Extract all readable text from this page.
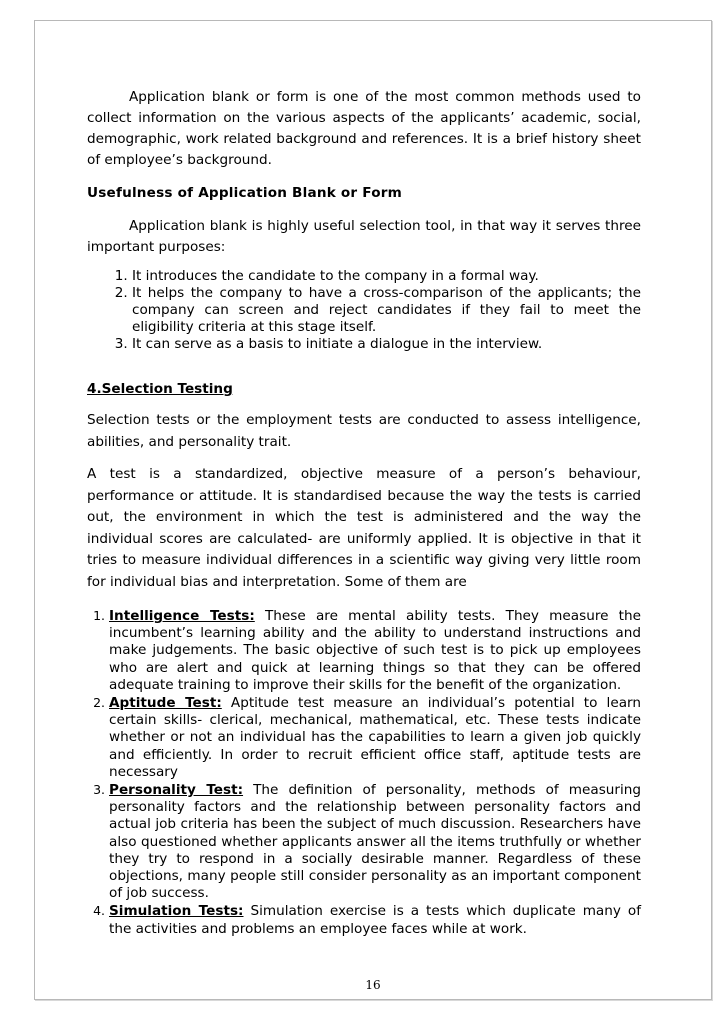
Application blank or form is one of the most common methods used to collect information on the various aspects of the applicants’ academic, social, demographic, work related background and references. It is a brief history sheet of employee’s background.

Usefulness of Application Blank or Form

Application blank is highly useful selection tool, in that way it serves three important purposes:

1. It introduces the candidate to the company in a formal way.
2. It helps the company to have a cross-comparison of the applicants; the company can screen and reject candidates if they fail to meet the eligibility criteria at this stage itself.
3. It can serve as a basis to initiate a dialogue in the interview.

4.Selection Testing

Selection tests or the employment tests are conducted to assess intelligence, abilities, and personality trait.

A test is a standardized, objective measure of a person’s behaviour, performance or attitude. It is standardised because the way the tests is carried out, the environment in which the test is administered and the way the individual scores are calculated- are uniformly applied. It is objective in that it tries to measure individual differences in a scientific way giving very little room for individual bias and interpretation. Some of them are

1. Intelligence Tests: These are mental ability tests. They measure the incumbent’s learning ability and the ability to understand instructions and make judgements. The basic objective of such test is to pick up employees who are alert and quick at learning things so that they can be offered adequate training to improve their skills for the benefit of the organization.
2. Aptitude Test: Aptitude test measure an individual’s potential to learn certain skills- clerical, mechanical, mathematical, etc. These tests indicate whether or not an individual has the capabilities to learn a given job quickly and efficiently. In order to recruit efficient office staff, aptitude tests are necessary
3. Personality Test: The definition of personality, methods of measuring personality factors and the relationship between personality factors and actual job criteria has been the subject of much discussion. Researchers have also questioned whether applicants answer all the items truthfully or whether they try to respond in a socially desirable manner. Regardless of these objections, many people still consider personality as an important component of job success.
4. Simulation Tests: Simulation exercise is a tests which duplicate many of the activities and problems an employee faces while at work.
16
